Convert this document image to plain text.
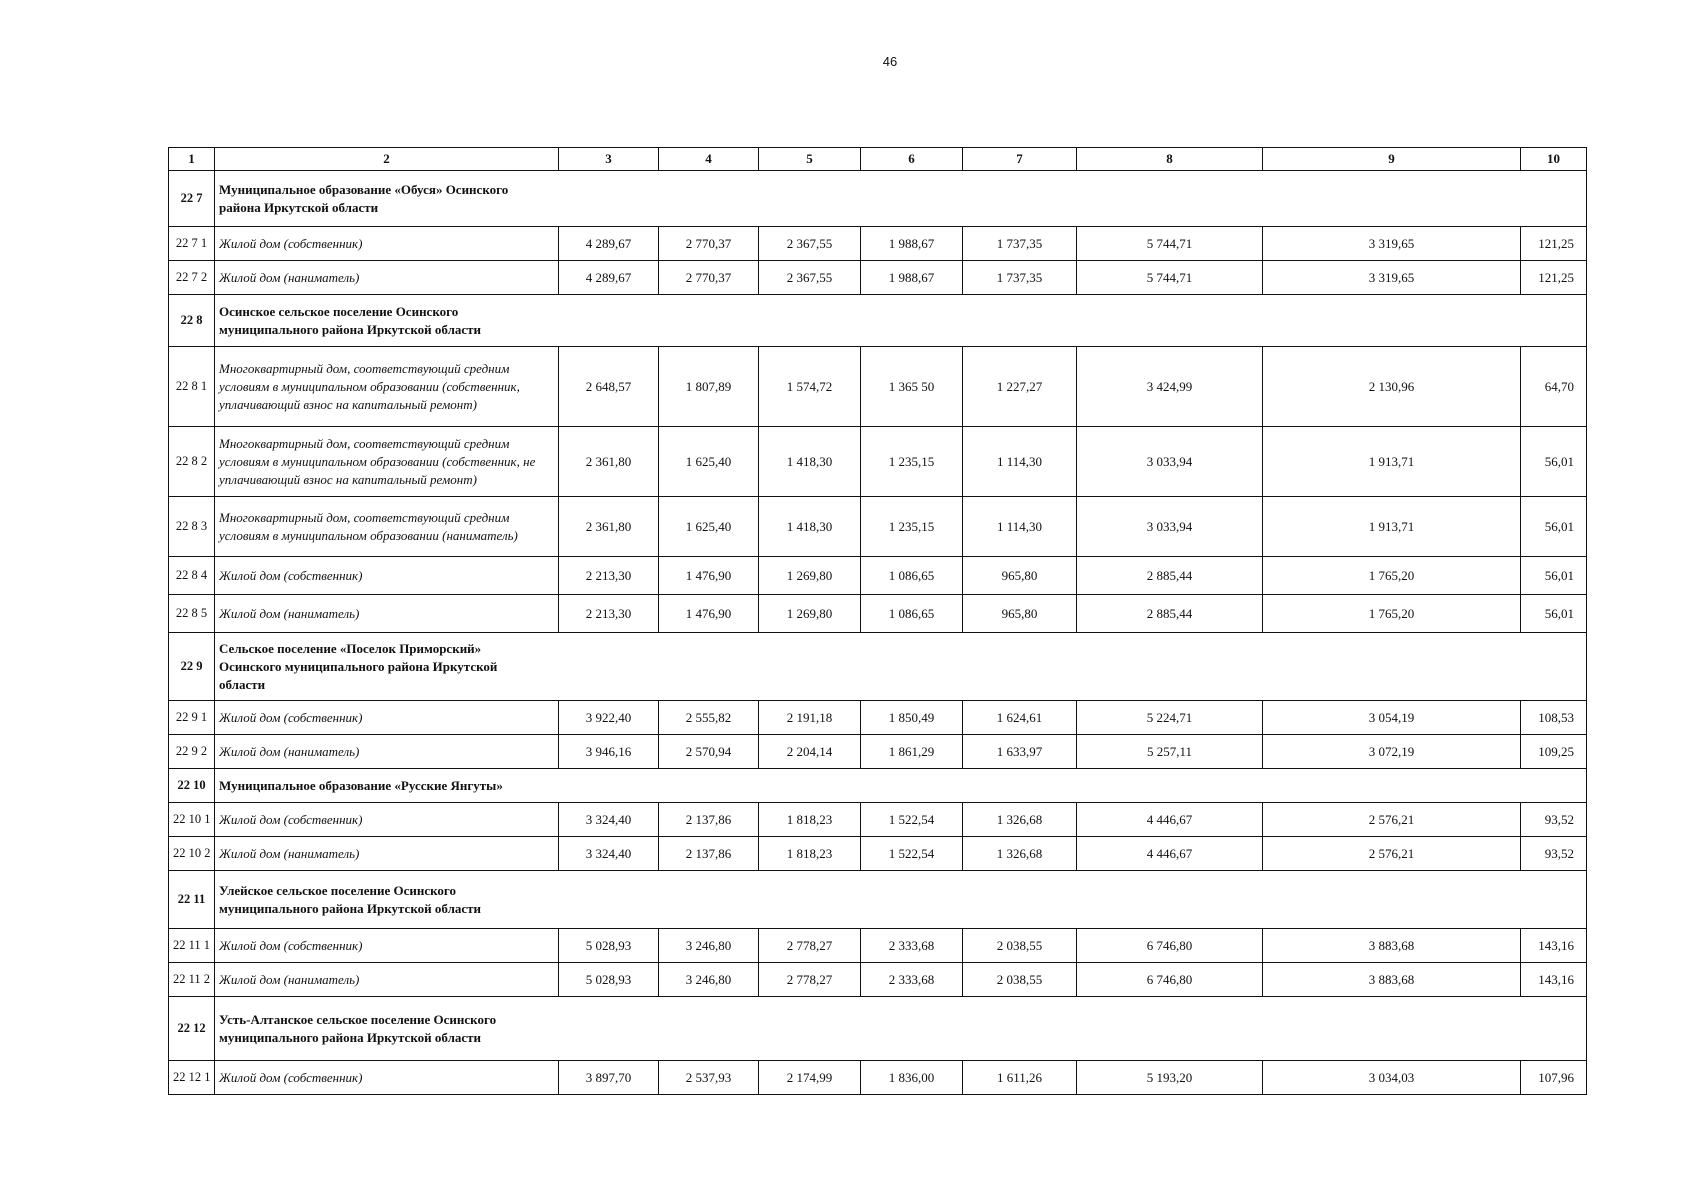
46
1	2	3	4	5	6	7	8	9	10
22 7	Муниципальное образование «Обуся» Осинского района Иркутской области								
22 7 1	Жилой дом (собственник)	4 289,67	2 770,37	2 367,55	1 988,67	1 737,35	5 744,71	3 319,65	121,25
22 7 2	Жилой дом (наниматель)	4 289,67	2 770,37	2 367,55	1 988,67	1 737,35	5 744,71	3 319,65	121,25
22 8	Осинское сельское поселение Осинского муниципального района Иркутской области								
22 8 1	Многоквартирный дом, соответствующий средним условиям в муниципальном образовании (собственник, уплачивающий взнос на капитальный ремонт)	2 648,57	1 807,89	1 574,72	1 365 50	1 227,27	3 424,99	2 130,96	64,70
22 8 2	Многоквартирный дом, соответствующий средним условиям в муниципальном образовании (собственник, не уплачивающий взнос на капитальный ремонт)	2 361,80	1 625,40	1 418,30	1 235,15	1 114,30	3 033,94	1 913,71	56,01
22 8 3	Многоквартирный дом, соответствующий средним условиям в муниципальном образовании (наниматель)	2 361,80	1 625,40	1 418,30	1 235,15	1 114,30	3 033,94	1 913,71	56,01
22 8 4	Жилой дом (собственник)	2 213,30	1 476,90	1 269,80	1 086,65	965,80	2 885,44	1 765,20	56,01
22 8 5	Жилой дом (наниматель)	2 213,30	1 476,90	1 269,80	1 086,65	965,80	2 885,44	1 765,20	56,01
22 9	Сельское поселение «Поселок Приморский» Осинского муниципального района Иркутской области								
22 9 1	Жилой дом (собственник)	3 922,40	2 555,82	2 191,18	1 850,49	1 624,61	5 224,71	3 054,19	108,53
22 9 2	Жилой дом (наниматель)	3 946,16	2 570,94	2 204,14	1 861,29	1 633,97	5 257,11	3 072,19	109,25
22 10	Муниципальное образование «Русские Янгуты»								
22 10 1	Жилой дом (собственник)	3 324,40	2 137,86	1 818,23	1 522,54	1 326,68	4 446,67	2 576,21	93,52
22 10 2	Жилой дом (наниматель)	3 324,40	2 137,86	1 818,23	1 522,54	1 326,68	4 446,67	2 576,21	93,52
22 11	Улейское сельское поселение Осинского муниципального района Иркутской области								
22 11 1	Жилой дом (собственник)	5 028,93	3 246,80	2 778,27	2 333,68	2 038,55	6 746,80	3 883,68	143,16
22 11 2	Жилой дом (наниматель)	5 028,93	3 246,80	2 778,27	2 333,68	2 038,55	6 746,80	3 883,68	143,16
22 12	Усть-Алтанское сельское поселение Осинского муниципального района Иркутской области								
22 12 1	Жилой дом (собственник)	3 897,70	2 537,93	2 174,99	1 836,00	1 611,26	5 193,20	3 034,03	107,96
